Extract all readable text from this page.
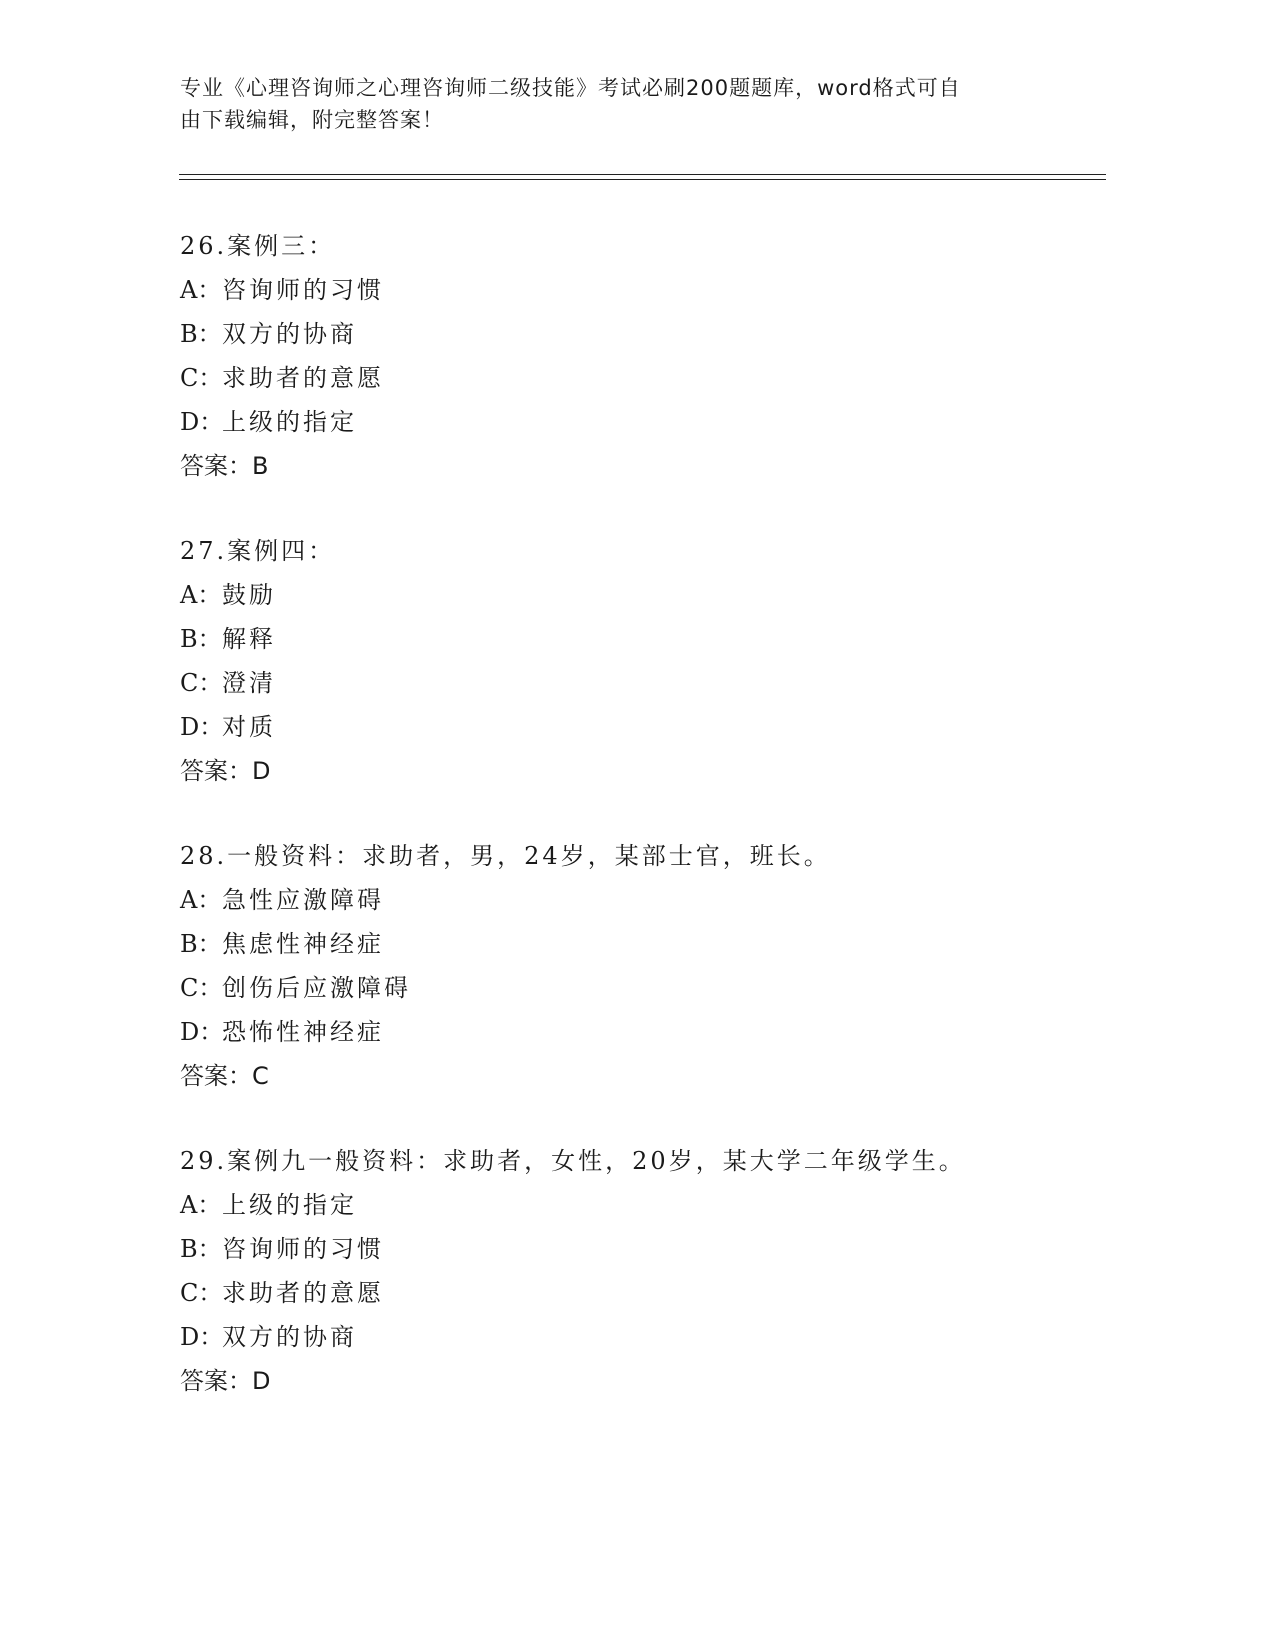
专业《心理咨询师之心理咨询师二级技能》考试必刷200题题库，word格式可自
由下载编辑，附完整答案！
26.案例三：
A：咨询师的习惯
B：双方的协商
C：求助者的意愿
D：上级的指定
答案：B
27.案例四：
A：鼓励
B：解释
C：澄清
D：对质
答案：D
28.一般资料：求助者，男，24岁，某部士官，班长。
A：急性应激障碍
B：焦虑性神经症
C：创伤后应激障碍
D：恐怖性神经症
答案：C
29.案例九一般资料：求助者，女性，20岁，某大学二年级学生。
A：上级的指定
B：咨询师的习惯
C：求助者的意愿
D：双方的协商
答案：D
